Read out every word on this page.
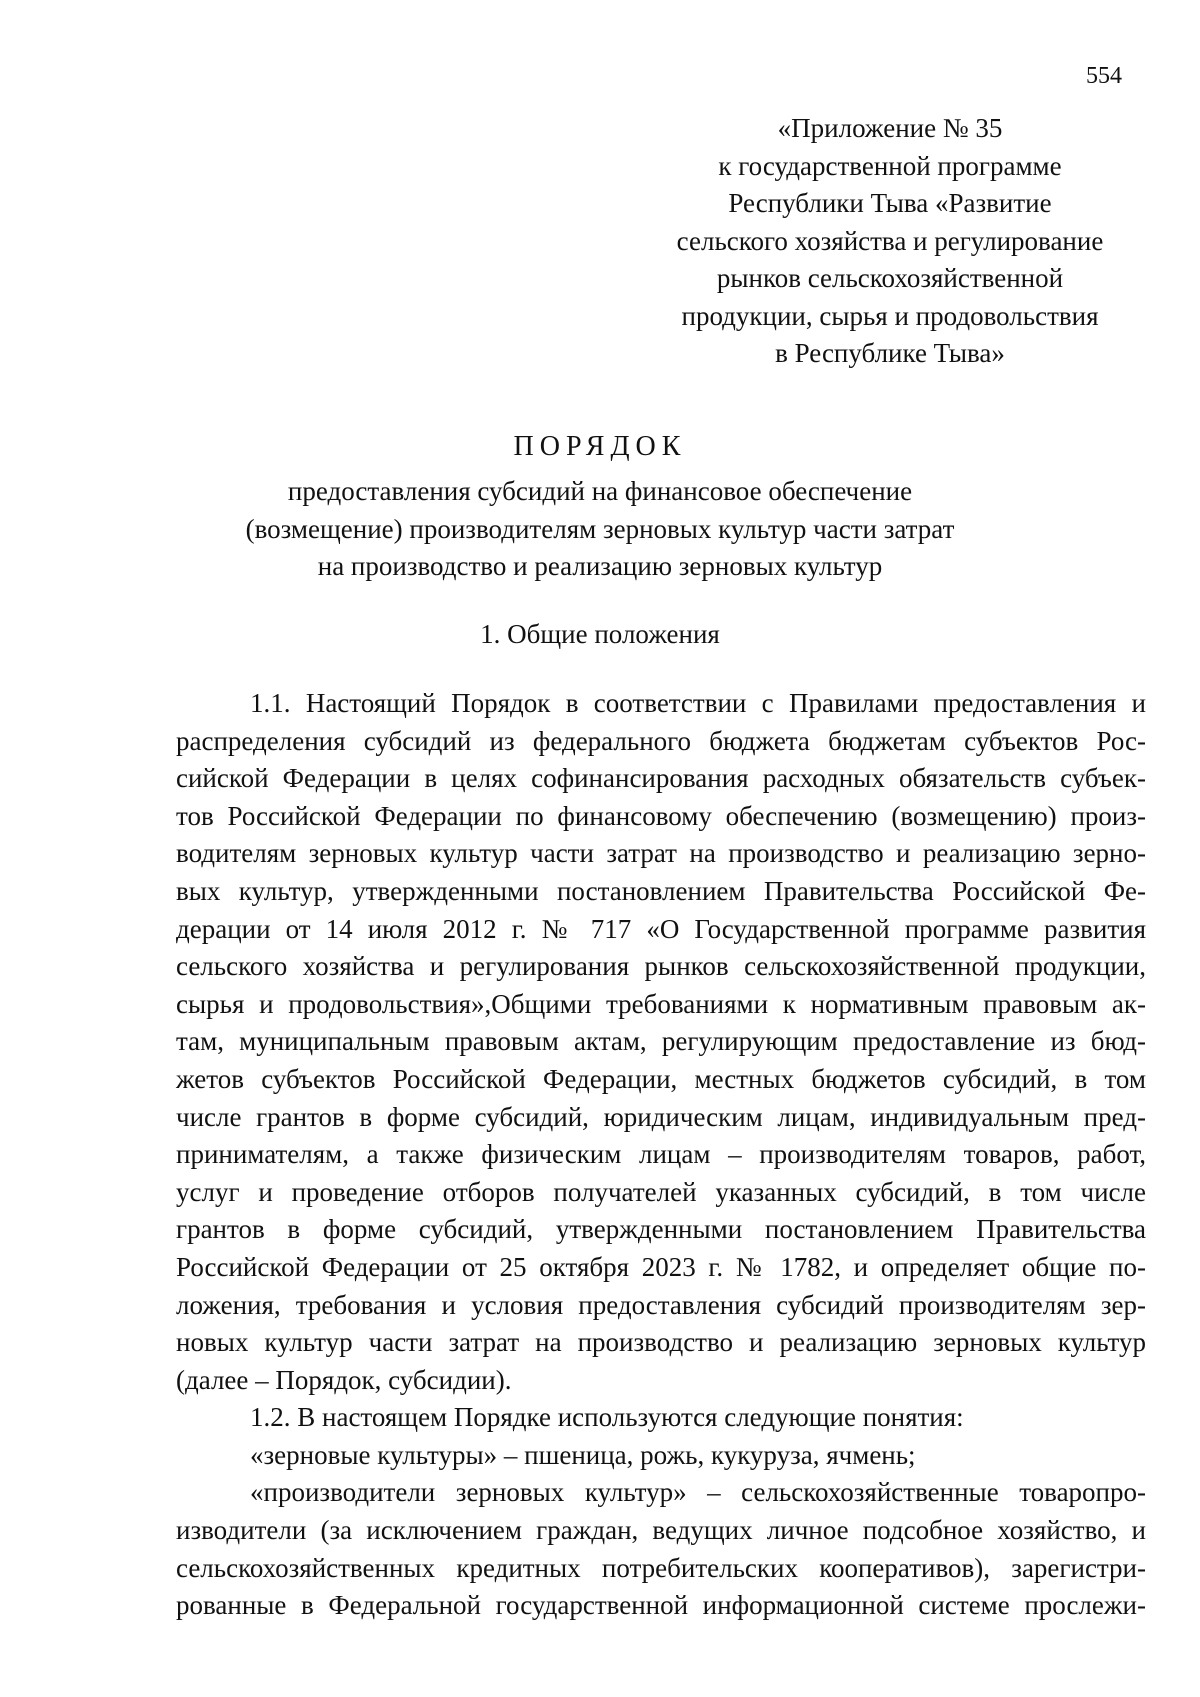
554
«Приложение № 35
к государственной программе
Республики Тыва «Развитие
сельского хозяйства и регулирование
рынков сельскохозяйственной
продукции, сырья и продовольствия
в Республике Тыва»
ПОРЯДОК
предоставления субсидий на финансовое обеспечение
(возмещение) производителям зерновых культур части затрат
на производство и реализацию зерновых культур
1. Общие положения
1.1. Настоящий Порядок в соответствии с Правилами предоставления и
распределения субсидий из федерального бюджета бюджетам субъектов Рос-
сийской Федерации в целях софинансирования расходных обязательств субъек-
тов Российской Федерации по финансовому обеспечению (возмещению) произ-
водителям зерновых культур части затрат на производство и реализацию зерно-
вых культур, утвержденными постановлением Правительства Российской Фе-
дерации от 14 июля 2012 г. № 717 «О Государственной программе развития
сельского хозяйства и регулирования рынков сельскохозяйственной продукции,
сырья и продовольствия»,Общими требованиями к нормативным правовым ак-
там, муниципальным правовым актам, регулирующим предоставление из бюд-
жетов субъектов Российской Федерации, местных бюджетов субсидий, в том
числе грантов в форме субсидий, юридическим лицам, индивидуальным пред-
принимателям, а также физическим лицам – производителям товаров, работ,
услуг и проведение отборов получателей указанных субсидий, в том числе
грантов в форме субсидий, утвержденными постановлением Правительства
Российской Федерации от 25 октября 2023 г. № 1782, и определяет общие по-
ложения, требования и условия предоставления субсидий производителям зер-
новых культур части затрат на производство и реализацию зерновых культур
(далее – Порядок, субсидии).
1.2. В настоящем Порядке используются следующие понятия:
«зерновые культуры» – пшеница, рожь, кукуруза, ячмень;
«производители зерновых культур» – сельскохозяйственные товаропро-
изводители (за исключением граждан, ведущих личное подсобное хозяйство, и
сельскохозяйственных кредитных потребительских кооперативов), зарегистри-
рованные в Федеральной государственной информационной системе прослежи-
